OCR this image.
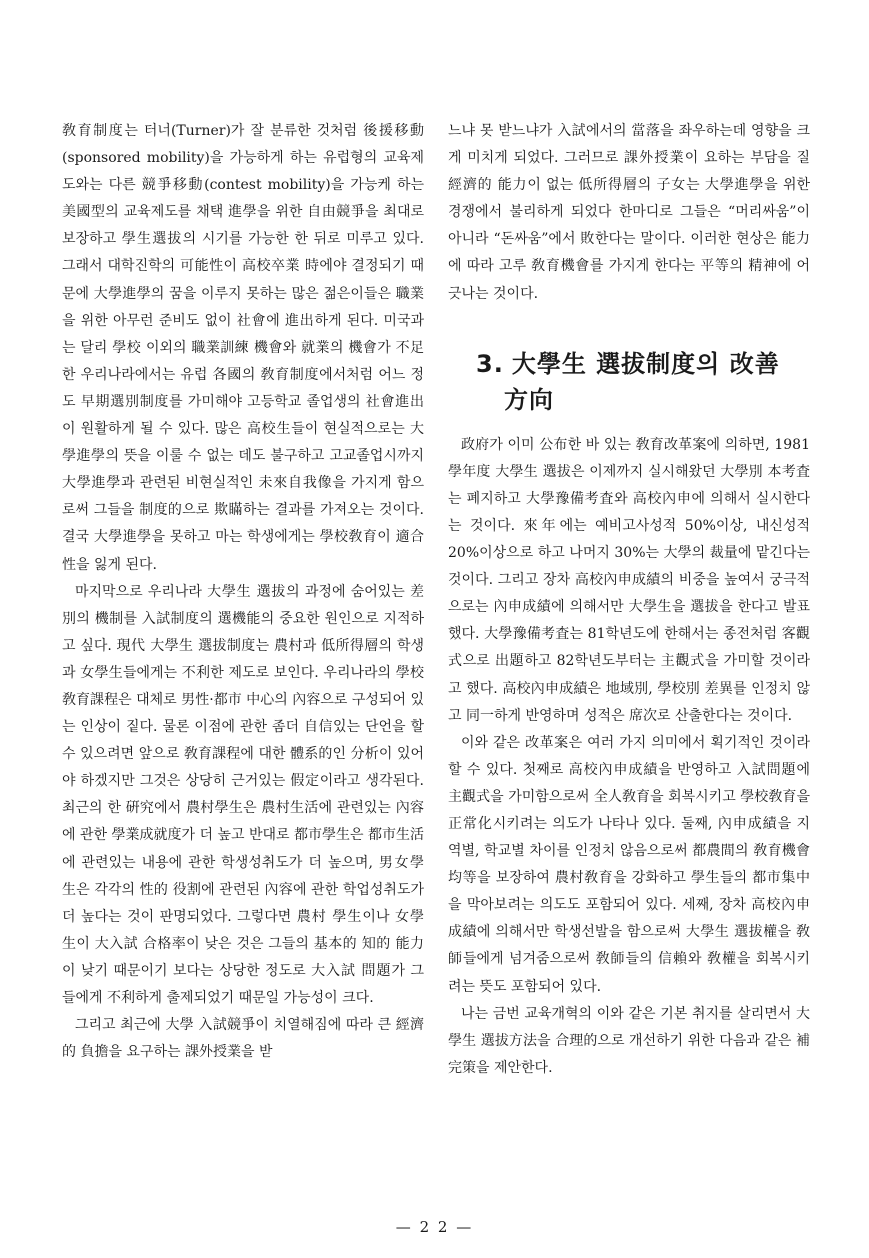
敎育制度는 터너(Turner)가 잘 분류한 것처럼 後援移動 (sponsored mobility)을 가능하게 하는 유럽형의 교육제도와는 다른 競爭移動(contest mobility)을 가능케 하는 美國型의 교육제도를 채택 進學을 위한 自由競爭을 최대로 보장하고 學生選拔의 시기를 가능한 한 뒤로 미루고 있다. 그래서 대학진학의 可能性이 高校卒業 時에야 결정되기 때문에 大學進學의 꿈을 이루지 못하는 많은 젊은이들은 職業을 위한 아무런 준비도 없이 社會에 進出하게 된다. 미국과는 달리 學校 이외의 職業訓練 機會와 就業의 機會가 不足한 우리나라에서는 유럽 各國의 敎育制度에서처럼 어느 정도 早期選別制度를 가미해야 고등학교 졸업생의 社會進出이 원활하게 될 수 있다. 많은 高校生들이 현실적으로는 大學進學의 뜻을 이룰 수 없는 데도 불구하고 고교졸업시까지 大學進學과 관련된 비현실적인 未來自我像을 가지게 함으로써 그들을 制度的으로 欺瞞하는 결과를 가져오는 것이다. 결국 大學進學을 못하고 마는 학생에게는 學校敎育이 適合性을 잃게 된다.

마지막으로 우리나라 大學生 選拔의 과정에 숨어있는 差別의 機制를 入試制度의 選機能의 중요한 원인으로 지적하고 싶다. 現代 大學生 選拔制度는 農村과 低所得層의 학생과 女學生들에게는 不利한 제도로 보인다. 우리나라의 學校 敎育課程은 대체로 男性·都市 中心의 內容으로 구성되어 있는 인상이 짙다. 물론 이점에 관한 좀더 自信있는 단언을 할 수 있으려면 앞으로 敎育課程에 대한 體系的인 分析이 있어야 하겠지만 그것은 상당히 근거있는 假定이라고 생각된다. 최근의 한 硏究에서 農村學生은 農村生活에 관련있는 內容에 관한 學業成就度가 더 높고 반대로 都市學生은 都市生活에 관련있는 내용에 관한 학생성취도가 더 높으며, 男女學生은 각각의 性的 役割에 관련된 內容에 관한 학업성취도가 더 높다는 것이 판명되었다. 그렇다면 農村 學生이나 女學生이 大入試 合格率이 낮은 것은 그들의 基本的 知的 能力이 낮기 때문이기 보다는 상당한 정도로 大入試 問題가 그들에게 不利하게 출제되었기 때문일 가능성이 크다.

그리고 최근에 大學 入試競爭이 치열해짐에 따라 큰 經濟的 負擔을 요구하는 課外授業을 받

느냐 못 받느냐가 入試에서의 當落을 좌우하는데 영향을 크게 미치게 되었다. 그러므로 課外授業이 요하는 부담을 질 經濟的 能力이 없는 低所得層의 子女는 大學進學을 위한 경쟁에서 불리하게 되었다 한마디로 그들은 “머리싸움”이 아니라 “돈싸움”에서 敗한다는 말이다. 이러한 현상은 能力에 따라 고루 敎育機會를 가지게 한다는 平等의 精神에 어긋나는 것이다.

3. 大學生 選拔制度의 改善
方向

政府가 이미 公布한 바 있는 敎育改革案에 의하면, 1981學年度 大學生 選拔은 이제까지 실시해왔던 大學別 本考査는 폐지하고 大學豫備考査와 高校內申에 의해서 실시한다는 것이다. 來年에는 예비고사성적 50%이상, 내신성적 20%이상으로 하고 나머지 30%는 大學의 裁量에 맡긴다는 것이다. 그리고 장차 高校內申成績의 비중을 높여서 궁극적으로는 內申成績에 의해서만 大學生을 選拔을 한다고 발표했다. 大學豫備考査는 81학년도에 한해서는 종전처럼 客觀式으로 出題하고 82학년도부터는 主觀式을 가미할 것이라고 했다. 高校內申成績은 地域別, 學校別 差異를 인정치 않고 同一하게 반영하며 성적은 席次로 산출한다는 것이다.

이와 같은 改革案은 여러 가지 의미에서 획기적인 것이라 할 수 있다. 첫째로 高校內申成績을 반영하고 入試問題에 主觀式을 가미함으로써 全人敎育을 회복시키고 學校敎育을 正常化시키려는 의도가 나타나 있다. 둘째, 內申成績을 지역별, 학교별 차이를 인정치 않음으로써 都農間의 敎育機會均等을 보장하여 農村敎育을 강화하고 學生들의 都市集中을 막아보려는 의도도 포함되어 있다. 세째, 장차 高校內申成績에 의해서만 학생선발을 함으로써 大學生 選拔權을 敎師들에게 넘겨줌으로써 敎師들의 信賴와 敎權을 회복시키려는 뜻도 포함되어 있다.

나는 금번 교육개혁의 이와 같은 기본 취지를 살리면서 大學生 選拔方法을 合理的으로 개선하기 위한 다음과 같은 補完策을 제안한다.

— 2 2 —
